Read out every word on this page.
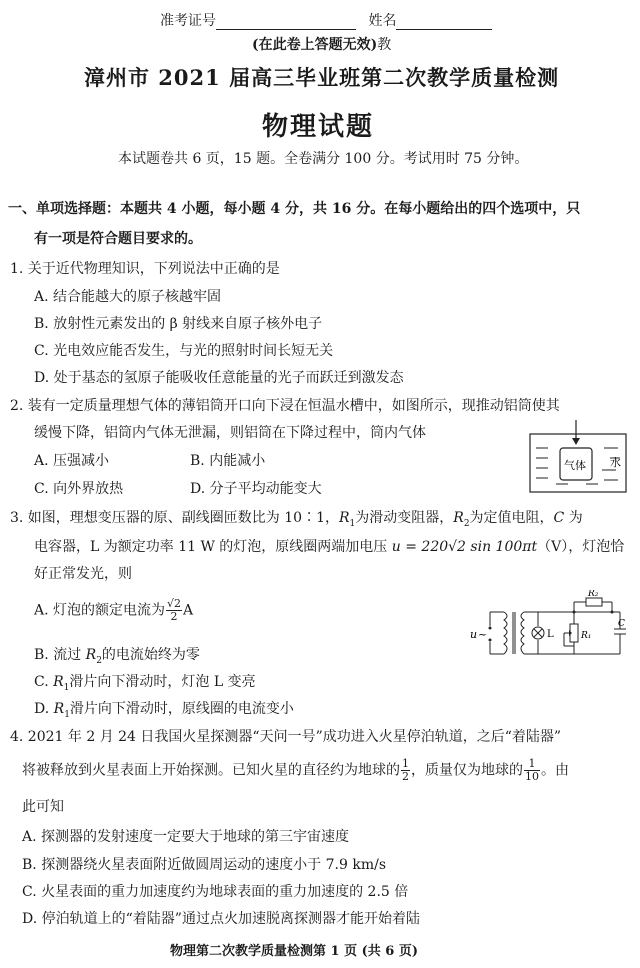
准考证号	姓名
(在此卷上答题无效)教
漳州市 2021 届高三毕业班第二次教学质量检测
物理试题
本试题卷共 6 页，15 题。全卷满分 100 分。考试用时 75 分钟。
一、单项选择题：本题共 4 小题，每小题 4 分，共 16 分。在每小题给出的四个选项中，只
有一项是符合题目要求的。
1. 关于近代物理知识，下列说法中正确的是
A. 结合能越大的原子核越牢固
B. 放射性元素发出的 β 射线来自原子核外电子
C. 光电效应能否发生，与光的照射时间长短无关
D. 处于基态的氢原子能吸收任意能量的光子而跃迁到激发态
2. 装有一定质量理想气体的薄铝筒开口向下浸在恒温水槽中，如图所示，现推动铝筒使其
缓慢下降，铝筒内气体无泄漏，则铝筒在下降过程中，筒内气体
A. 压强减小	B. 内能减小
C. 向外界放热	D. 分子平均动能变大
气体 水
3. 如图，理想变压器的原、副线圈匝数比为 10∶1，$R_1$为滑动变阻器，$R_2$为定值电阻，C 为
电容器，L 为额定功率 11 W 的灯泡，原线圈两端加电压 u = 220√2 sin 100πt（V），灯泡恰
好正常发光，则
A. 灯泡的额定电流为 $\frac{√2}{2}$ A
B. 流过 $R_2$的电流始终为零
C. $R_1$滑片向下滑动时，灯泡 L 变亮
D. $R_1$滑片向下滑动时，原线圈的电流变小
u ~	L	R₁
R₂
C
4. 2021 年 2 月 24 日我国火星探测器“天问一号”成功进入火星停泊轨道，之后“着陆器”
将被释放到火星表面上开始探测。已知火星的直径约为地球的 $\frac{1}{2}$ ，质量仅为地球的 $\frac{1}{10}$ 。由
此可知
A. 探测器的发射速度一定要大于地球的第三宇宙速度
B. 探测器绕火星表面附近做圆周运动的速度小于 7.9 km/s
C. 火星表面的重力加速度约为地球表面的重力加速度的 2.5 倍
D. 停泊轨道上的“着陆器”通过点火加速脱离探测器才能开始着陆
物理第二次教学质量检测第 1 页 (共 6 页)
